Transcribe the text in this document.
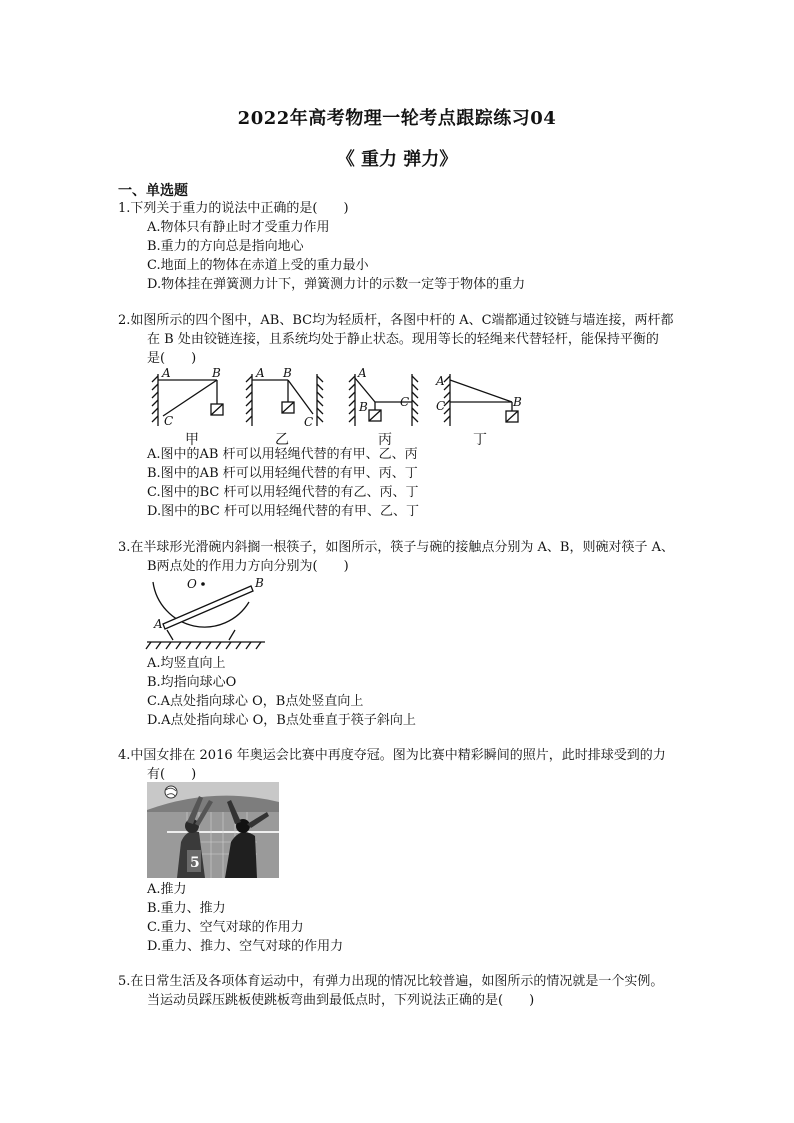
2022年高考物理一轮考点跟踪练习04
《 重力 弹力》
一、单选题
1.下列关于重力的说法中正确的是(　　)
A.物体只有静止时才受重力作用
B.重力的方向总是指向地心
C.地面上的物体在赤道上受的重力最小
D.物体挂在弹簧测力计下，弹簧测力计的示数一定等于物体的重力
2.如图所示的四个图中，AB、BC均为轻质杆，各图中杆的 A、C端都通过铰链与墙连接，两杆都
在 B 处由铰链连接，且系统均处于静止状态。现用等长的轻绳来代替轻杆，能保持平衡的
是(　　)
A	B
C
A B
C
A
B	C
A
C	B
甲	乙	丙	丁
A.图中的AB 杆可以用轻绳代替的有甲、乙、丙
B.图中的AB 杆可以用轻绳代替的有甲、丙、丁
C.图中的BC 杆可以用轻绳代替的有乙、丙、丁
D.图中的BC 杆可以用轻绳代替的有甲、乙、丁
3.在半球形光滑碗内斜搁一根筷子，如图所示，筷子与碗的接触点分别为 A、B，则碗对筷子 A、
B两点处的作用力方向分别为(　　)
O
A
B
A.均竖直向上
B.均指向球心O
C.A点处指向球心 O，B点处竖直向上
D.A点处指向球心 O，B点处垂直于筷子斜向上
4.中国女排在 2016 年奥运会比赛中再度夺冠。图为比赛中精彩瞬间的照片，此时排球受到的力
有(　　)
5
A.推力
B.重力、推力
C.重力、空气对球的作用力
D.重力、推力、空气对球的作用力
5.在日常生活及各项体育运动中，有弹力出现的情况比较普遍，如图所示的情况就是一个实例。
当运动员踩压跳板使跳板弯曲到最低点时，下列说法正确的是(　　)
